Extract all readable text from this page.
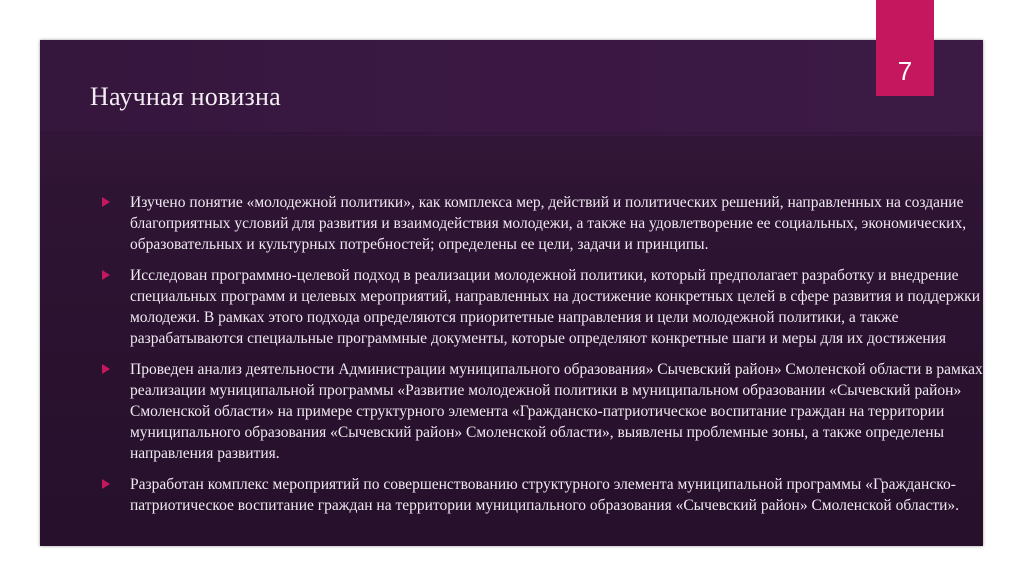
Научная новизна
Изучено понятие «молодежной политики», как комплекса мер, действий и политических решений, направленных на создание благоприятных условий для развития и взаимодействия молодежи, а также на удовлетворение ее социальных, экономических, образовательных и культурных потребностей; определены ее цели, задачи и принципы.
Исследован программно-целевой подход в реализации молодежной политики, который предполагает разработку и внедрение специальных программ и целевых мероприятий, направленных на достижение конкретных целей в сфере развития и поддержки молодежи. В рамках этого подхода определяются приоритетные направления и цели молодежной политики, а также разрабатываются специальные программные документы, которые определяют конкретные шаги и меры для их достижения
Проведен анализ деятельности Администрации муниципального образования» Сычевский район» Смоленской области в рамках реализации муниципальной программы «Развитие молодежной политики в муниципальном образовании «Сычевский район» Смоленской области» на примере структурного элемента «Гражданско-патриотическое воспитание граждан на территории муниципального образования «Сычевский район» Смоленской области», выявлены проблемные зоны, а также определены направления развития.
Разработан комплекс мероприятий по совершенствованию структурного элемента муниципальной программы «Гражданско-патриотическое воспитание граждан на территории муниципального образования «Сычевский район» Смоленской области».
7
